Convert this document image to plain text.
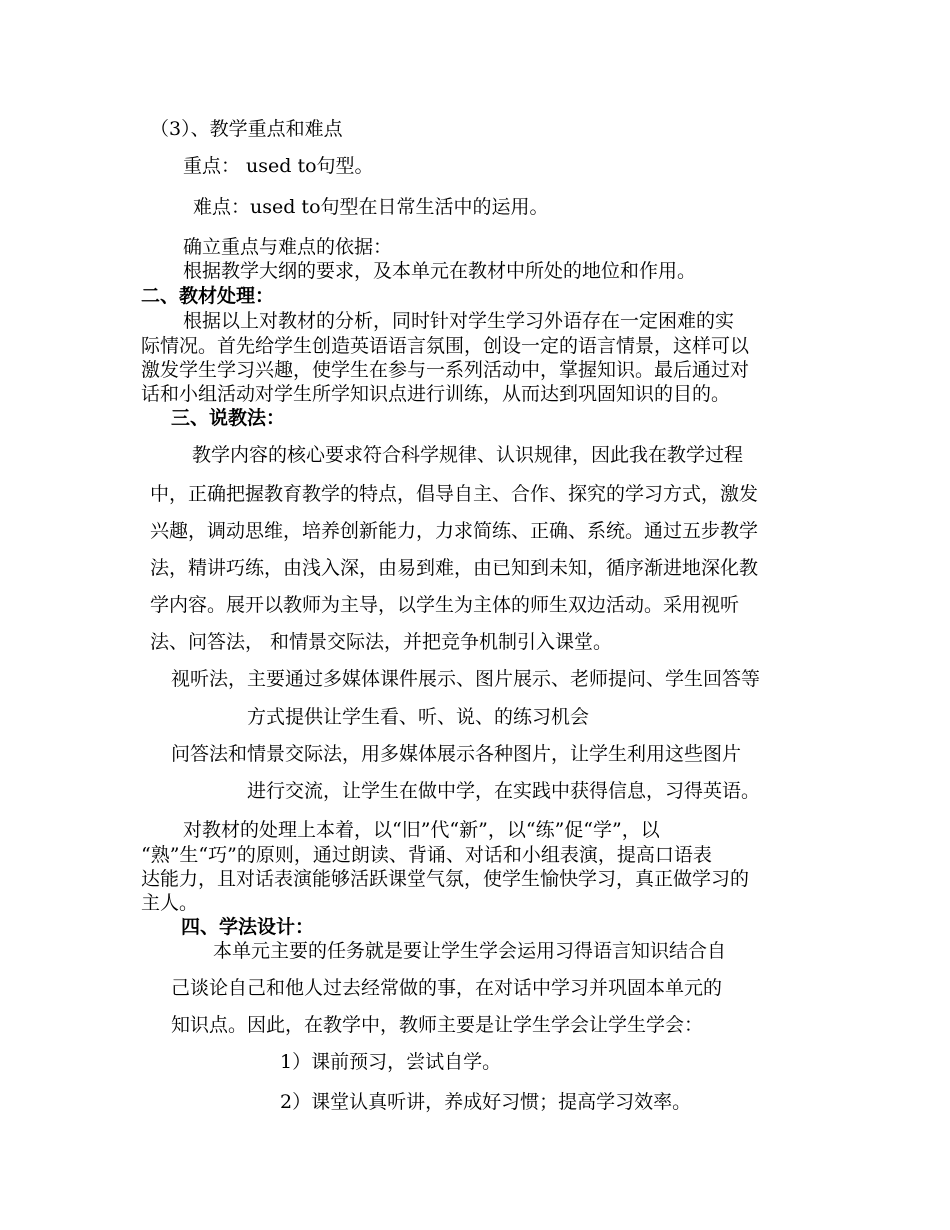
（3）、教学重点和难点
重点： used to句型。
难点：used to句型在日常生活中的运用。
确立重点与难点的依据：
根据教学大纲的要求，及本单元在教材中所处的地位和作用。
二、教材处理：
根据以上对教材的分析，同时针对学生学习外语存在一定困难的实
际情况。首先给学生创造英语语言氛围，创设一定的语言情景，这样可以
激发学生学习兴趣，使学生在参与一系列活动中，掌握知识。最后通过对
话和小组活动对学生所学知识点进行训练，从而达到巩固知识的目的。
三、说教法：
教学内容的核心要求符合科学规律、认识规律，因此我在教学过程
中，正确把握教育教学的特点，倡导自主、合作、探究的学习方式，激发
兴趣，调动思维，培养创新能力，力求简练、正确、系统。通过五步教学
法，精讲巧练，由浅入深，由易到难，由已知到未知，循序渐进地深化教
学内容。展开以教师为主导，以学生为主体的师生双边活动。采用视听
法、问答法， 和情景交际法，并把竞争机制引入课堂。
视听法，主要通过多媒体课件展示、图片展示、老师提问、学生回答等
方式提供让学生看、听、说、的练习机会
问答法和情景交际法，用多媒体展示各种图片，让学生利用这些图片
进行交流，让学生在做中学，在实践中获得信息，习得英语。
对教材的处理上本着，以“旧”代“新”，以“练”促“学”，以
“熟”生“巧”的原则，通过朗读、背诵、对话和小组表演，提高口语表
达能力，且对话表演能够活跃课堂气氛，使学生愉快学习，真正做学习的
主人。
四、学法设计：
本单元主要的任务就是要让学生学会运用习得语言知识结合自
己谈论自己和他人过去经常做的事，在对话中学习并巩固本单元的
知识点。因此，在教学中，教师主要是让学生学会让学生学会：
1）课前预习，尝试自学。
2）课堂认真听讲，养成好习惯；提高学习效率。
